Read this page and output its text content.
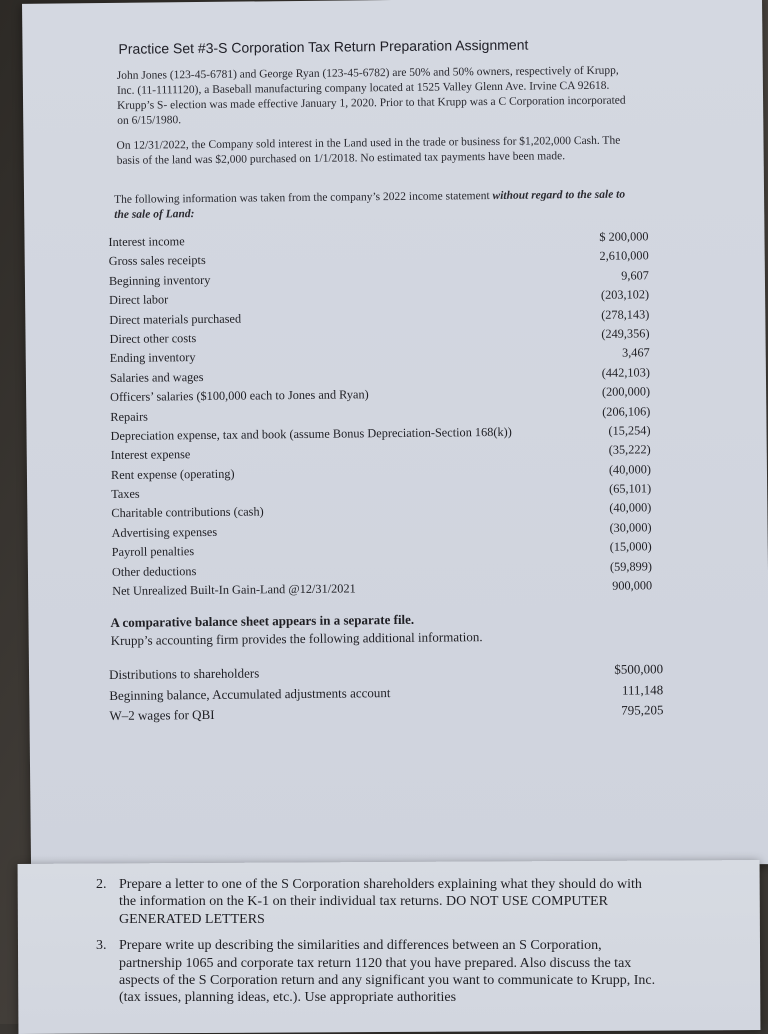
Practice Set #3-S Corporation Tax Return Preparation Assignment
John Jones (123-45-6781) and George Ryan (123-45-6782) are 50% and 50% owners, respectively of Krupp, Inc. (11-1111120), a Baseball manufacturing company located at 1525 Valley Glenn Ave. Irvine CA 92618. Krupp’s S- election was made effective January 1, 2020. Prior to that Krupp was a C Corporation incorporated on 6/15/1980.
On 12/31/2022, the Company sold interest in the Land used in the trade or business for $1,202,000 Cash. The basis of the land was $2,000 purchased on 1/1/2018. No estimated tax payments have been made.
The following information was taken from the company’s 2022 income statement without regard to the sale to the sale of Land:
Interest income	$ 200,000
Gross sales receipts	2,610,000
Beginning inventory	9,607
Direct labor	(203,102)
Direct materials purchased	(278,143)
Direct other costs	(249,356)
Ending inventory	3,467
Salaries and wages	(442,103)
Officers’ salaries ($100,000 each to Jones and Ryan)	(200,000)
Repairs	(206,106)
Depreciation expense, tax and book (assume Bonus Depreciation-Section 168(k))	(15,254)
Interest expense	(35,222)
Rent expense (operating)	(40,000)
Taxes	(65,101)
Charitable contributions (cash)	(40,000)
Advertising expenses	(30,000)
Payroll penalties	(15,000)
Other deductions	(59,899)
Net Unrealized Built-In Gain-Land @12/31/2021	900,000
A comparative balance sheet appears in a separate file.
Krupp’s accounting firm provides the following additional information.
Distributions to shareholders	$500,000
Beginning balance, Accumulated adjustments account	111,148
W–2 wages for QBI	795,205
2. Prepare a letter to one of the S Corporation shareholders explaining what they should do with the information on the K-1 on their individual tax returns. DO NOT USE COMPUTER GENERATED LETTERS
3. Prepare write up describing the similarities and differences between an S Corporation, partnership 1065 and corporate tax return 1120 that you have prepared. Also discuss the tax aspects of the S Corporation return and any significant you want to communicate to Krupp, Inc. (tax issues, planning ideas, etc.). Use appropriate authorities
